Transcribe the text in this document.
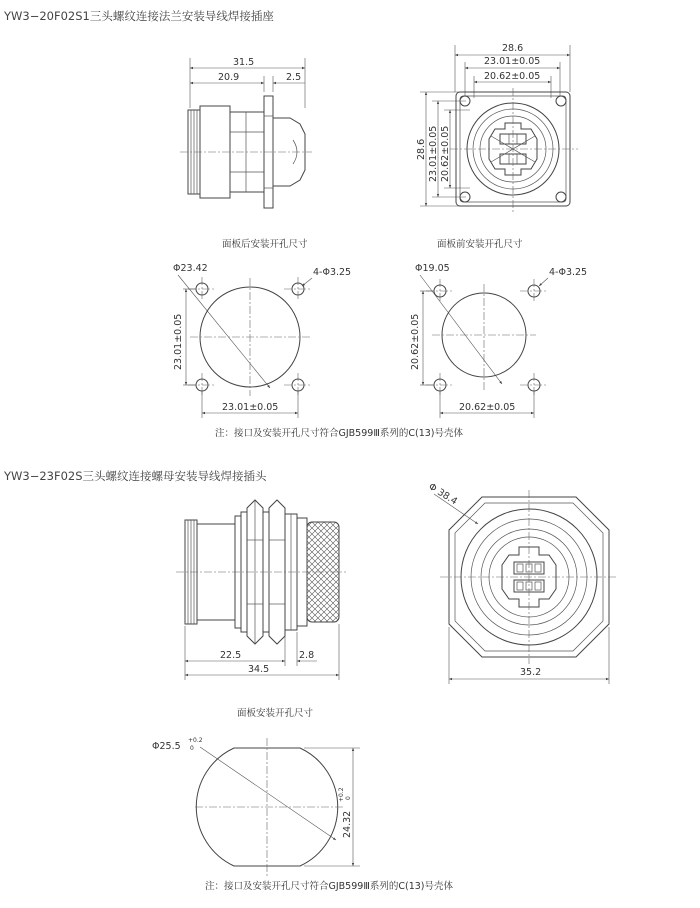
YW3−20F02S1三头螺纹连接法兰安装导线焊接插座
31.5
20.9	2.5
28.6
23.01±0.05
20.62±0.05
28.6 23.01±0.05 20.62±0.05
面板后安装开孔尺寸
Φ23.42	4-Φ3.25
23.01±0.05
23.01±0.05
面板前安装开孔尺寸
Φ19.05	4-Φ3.25
20.62±0.05
20.62±0.05
注：接口及安装开孔尺寸符合GJB599Ⅲ系列的C(13)号壳体
YW3−23F02S三头螺纹连接螺母安装导线焊接插头
22.5	2.8
34.5
Φ 38.4
35.2
面板安装开孔尺寸
Φ25.5
+0.2
0
24.32
+0.2 0
注：接口及安装开孔尺寸符合GJB599Ⅲ系列的C(13)号壳体
